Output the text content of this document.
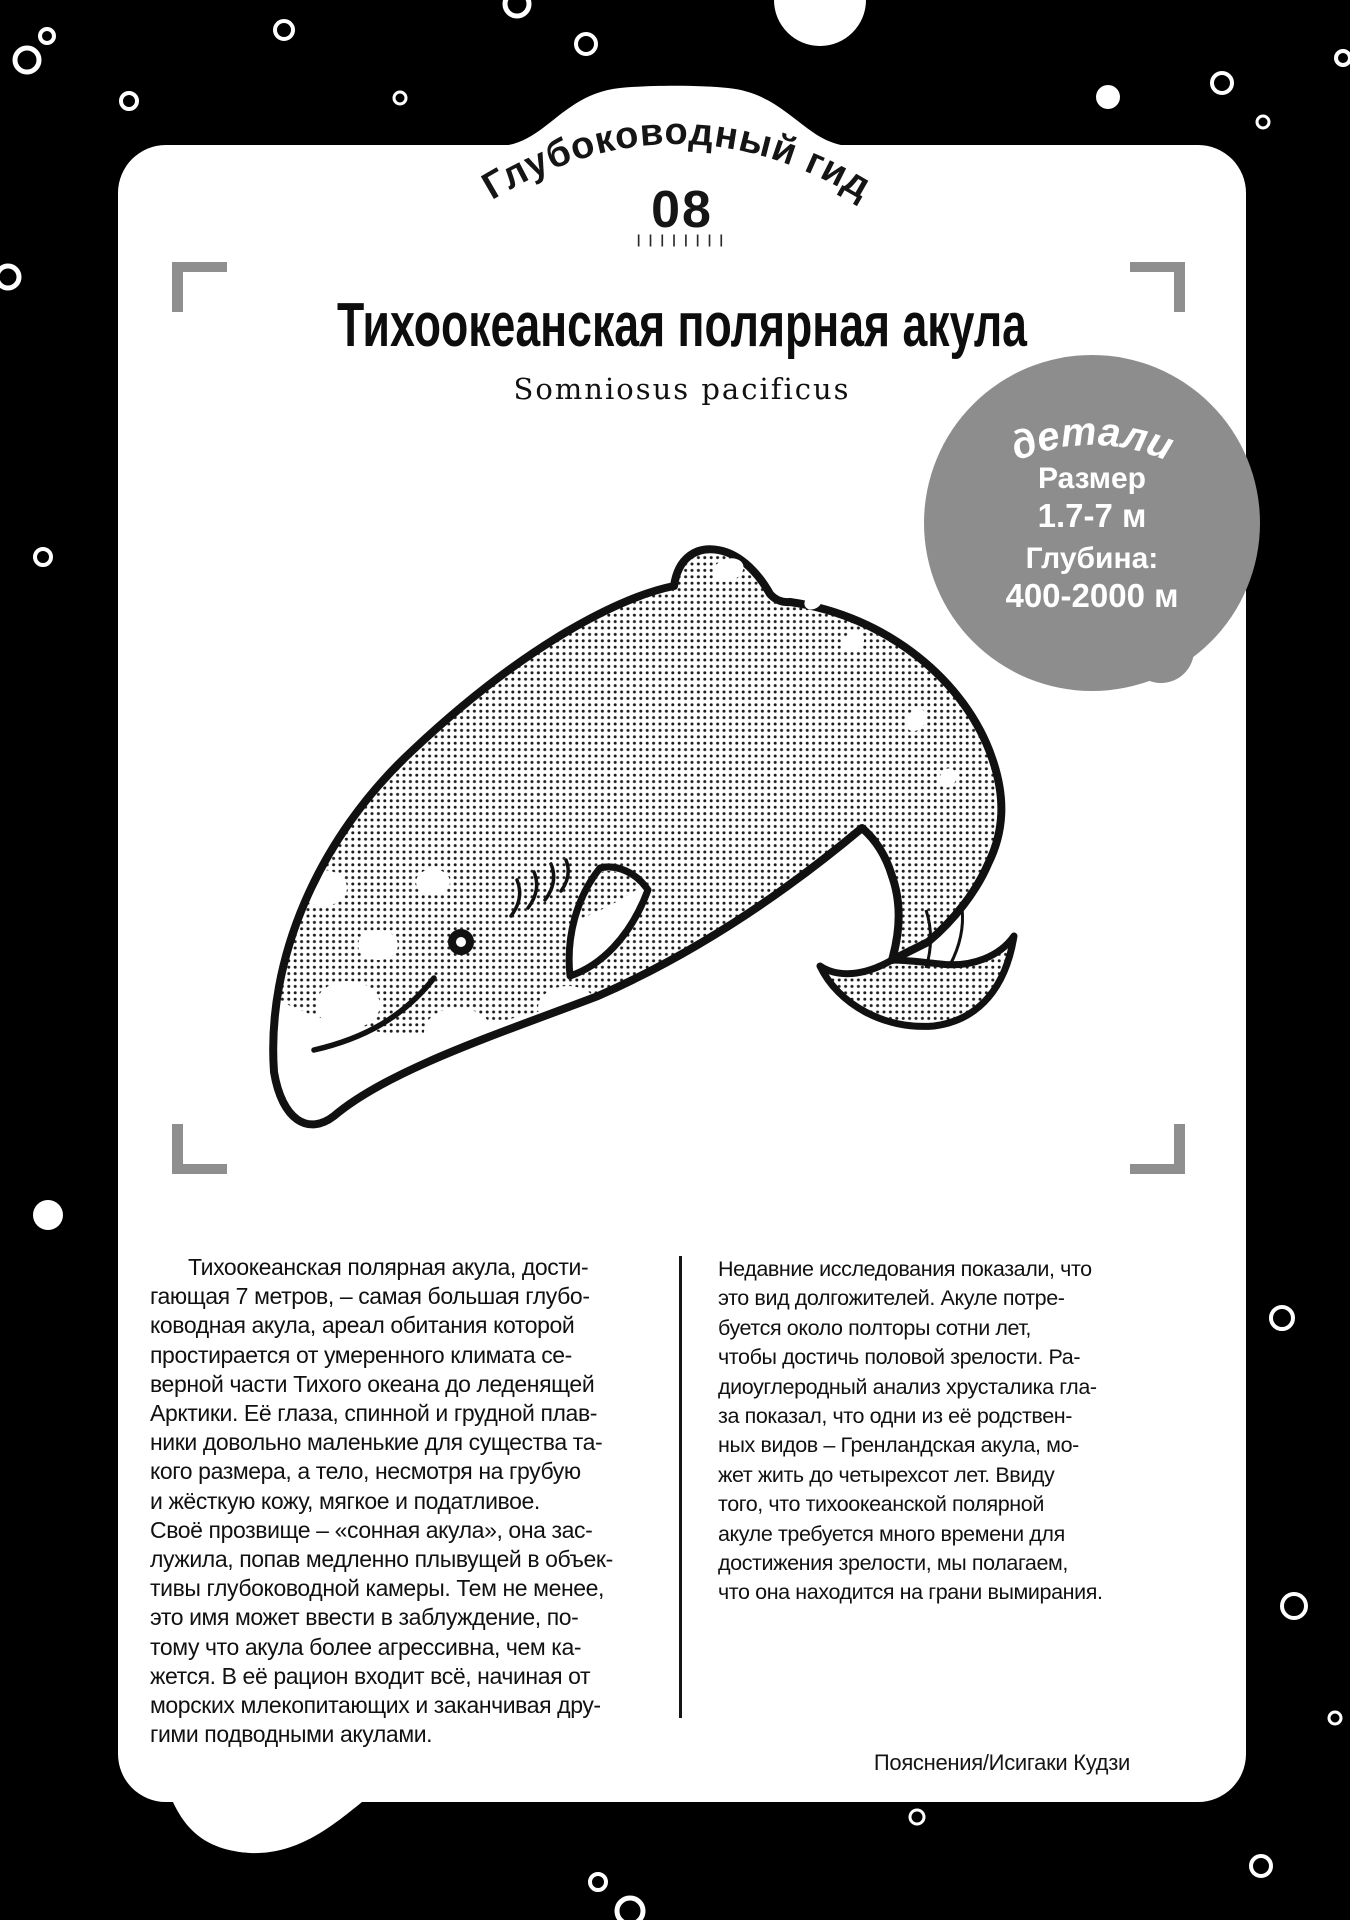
Глубоководный гид
08
||||||||
Тихоокеанская полярная акула
Somniosus pacificus
детали
Размер
1.7-7 м
Глубина:
400-2000 м
Тихоокеанская полярная акула, дости-
гающая 7 метров, – самая большая глубо-
ководная акула, ареал обитания которой
простирается от умеренного климата се-
верной части Тихого океана до леденящей
Арктики. Её глаза, спинной и грудной плав-
ники довольно маленькие для существа та-
кого размера, а тело, несмотря на грубую
и жёсткую кожу, мягкое и податливое.
Своё прозвище – «сонная акула», она зас-
лужила, попав медленно плывущей в объек-
тивы глубоководной камеры. Тем не менее,
это имя может ввести в заблуждение, по-
тому что акула более агрессивна, чем ка-
жется. В её рацион входит всё, начиная от
морских млекопитающих и заканчивая дру-
гими подводными акулами.
Недавние исследования показали, что
это вид долгожителей. Акуле потре-
буется около полторы сотни лет,
чтобы достичь половой зрелости. Ра-
диоуглеродный анализ хрусталика гла-
за показал, что одни из её родствен-
ных видов – Гренландская акула, мо-
жет жить до четырехсот лет. Ввиду
того, что тихоокеанской полярной
акуле требуется много времени для
достижения зрелости, мы полагаем,
что она находится на грани вымирания.
Пояснения/Исигаки Кудзи
